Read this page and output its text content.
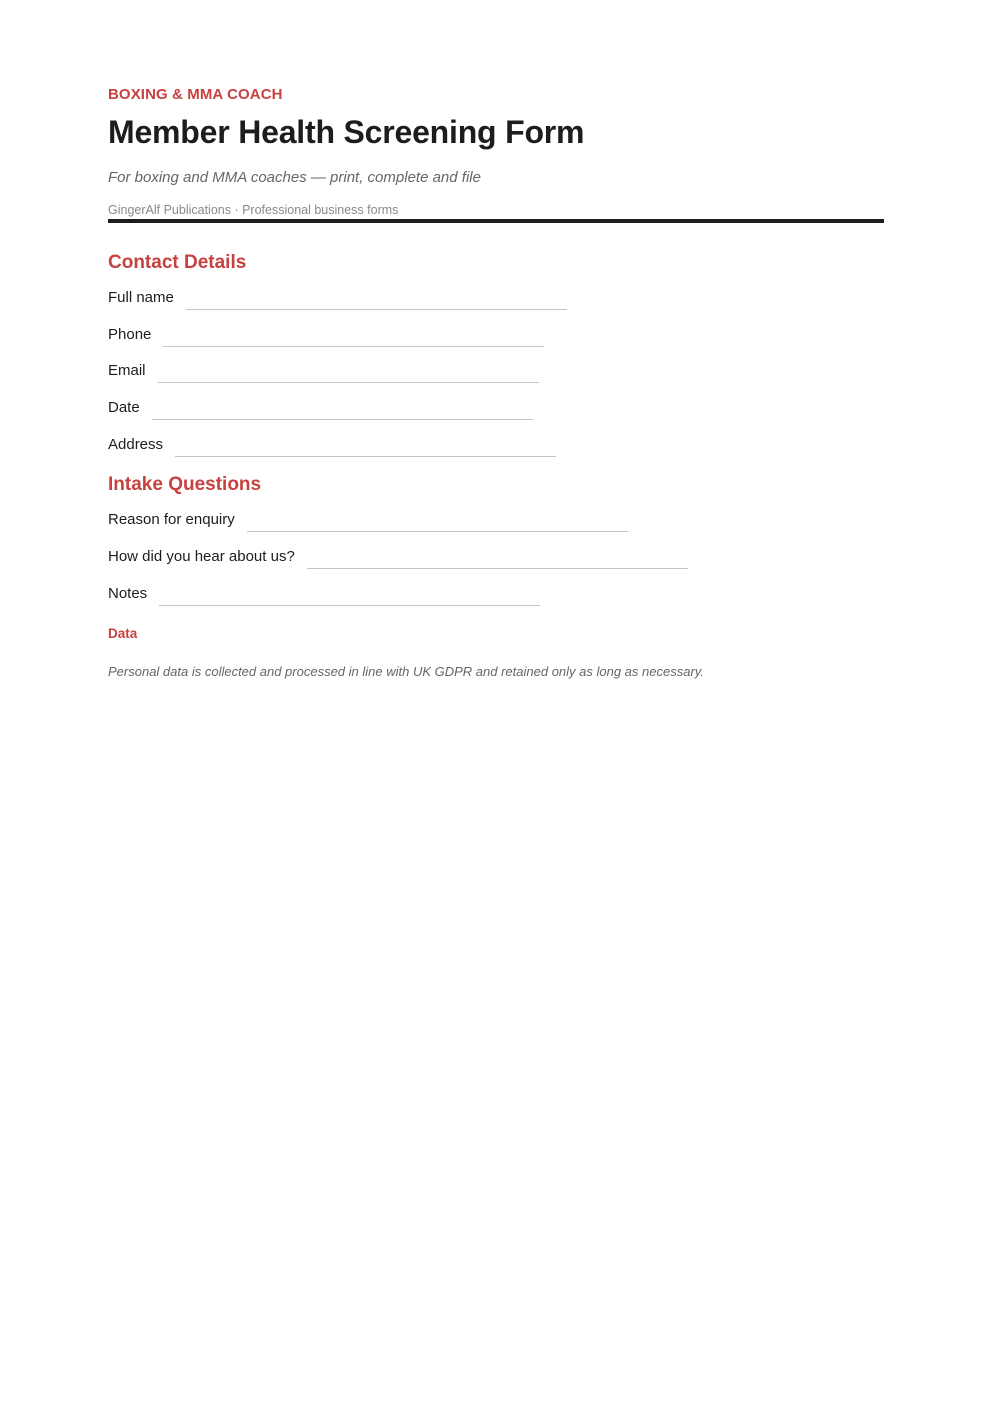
BOXING & MMA COACH
Member Health Screening Form
For boxing and MMA coaches — print, complete and file
GingerAlf Publications · Professional business forms
Contact Details
Full name
Phone
Email
Date
Address
Intake Questions
Reason for enquiry
How did you hear about us?
Notes
Data
Personal data is collected and processed in line with UK GDPR and retained only as long as necessary.
